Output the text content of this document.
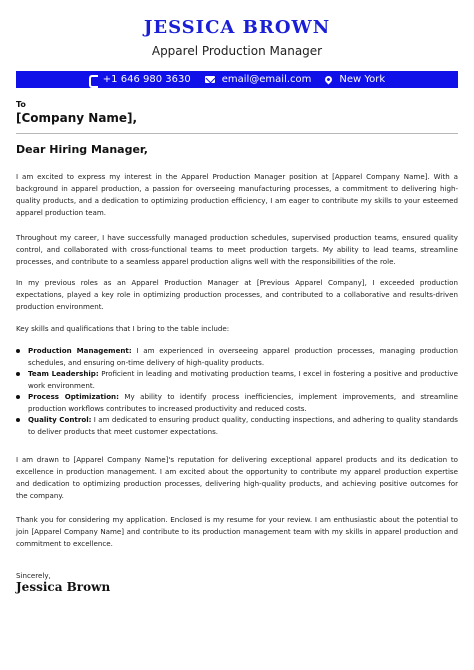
JESSICA BROWN
Apparel Production Manager
+1 646 980 3630	email@email.com	New York
To
[Company Name],
Dear Hiring Manager,

I am excited to express my interest in the Apparel Production Manager position at [Apparel Company Name]. With a background in apparel production, a passion for overseeing manufacturing processes, a commitment to delivering high-quality products, and a dedication to optimizing production efficiency, I am eager to contribute my skills to your esteemed apparel production team.

Throughout my career, I have successfully managed production schedules, supervised production teams, ensured quality control, and collaborated with cross-functional teams to meet production targets. My ability to lead teams, streamline processes, and contribute to a seamless apparel production aligns well with the responsibilities of the role.

In my previous roles as an Apparel Production Manager at [Previous Apparel Company], I exceeded production expectations, played a key role in optimizing production processes, and contributed to a collaborative and results-driven production environment.

Key skills and qualifications that I bring to the table include:

Production Management: I am experienced in overseeing apparel production processes, managing production schedules, and ensuring on-time delivery of high-quality products.
Team Leadership: Proficient in leading and motivating production teams, I excel in fostering a positive and productive work environment.
Process Optimization: My ability to identify process inefficiencies, implement improvements, and streamline production workflows contributes to increased productivity and reduced costs.
Quality Control: I am dedicated to ensuring product quality, conducting inspections, and adhering to quality standards to deliver products that meet customer expectations.

I am drawn to [Apparel Company Name]'s reputation for delivering exceptional apparel products and its dedication to excellence in production management. I am excited about the opportunity to contribute my apparel production expertise and dedication to optimizing production processes, delivering high-quality products, and achieving positive outcomes for the company.

Thank you for considering my application. Enclosed is my resume for your review. I am enthusiastic about the potential to join [Apparel Company Name] and contribute to its production management team with my skills in apparel production and commitment to excellence.

Sincerely,
Jessica Brown
